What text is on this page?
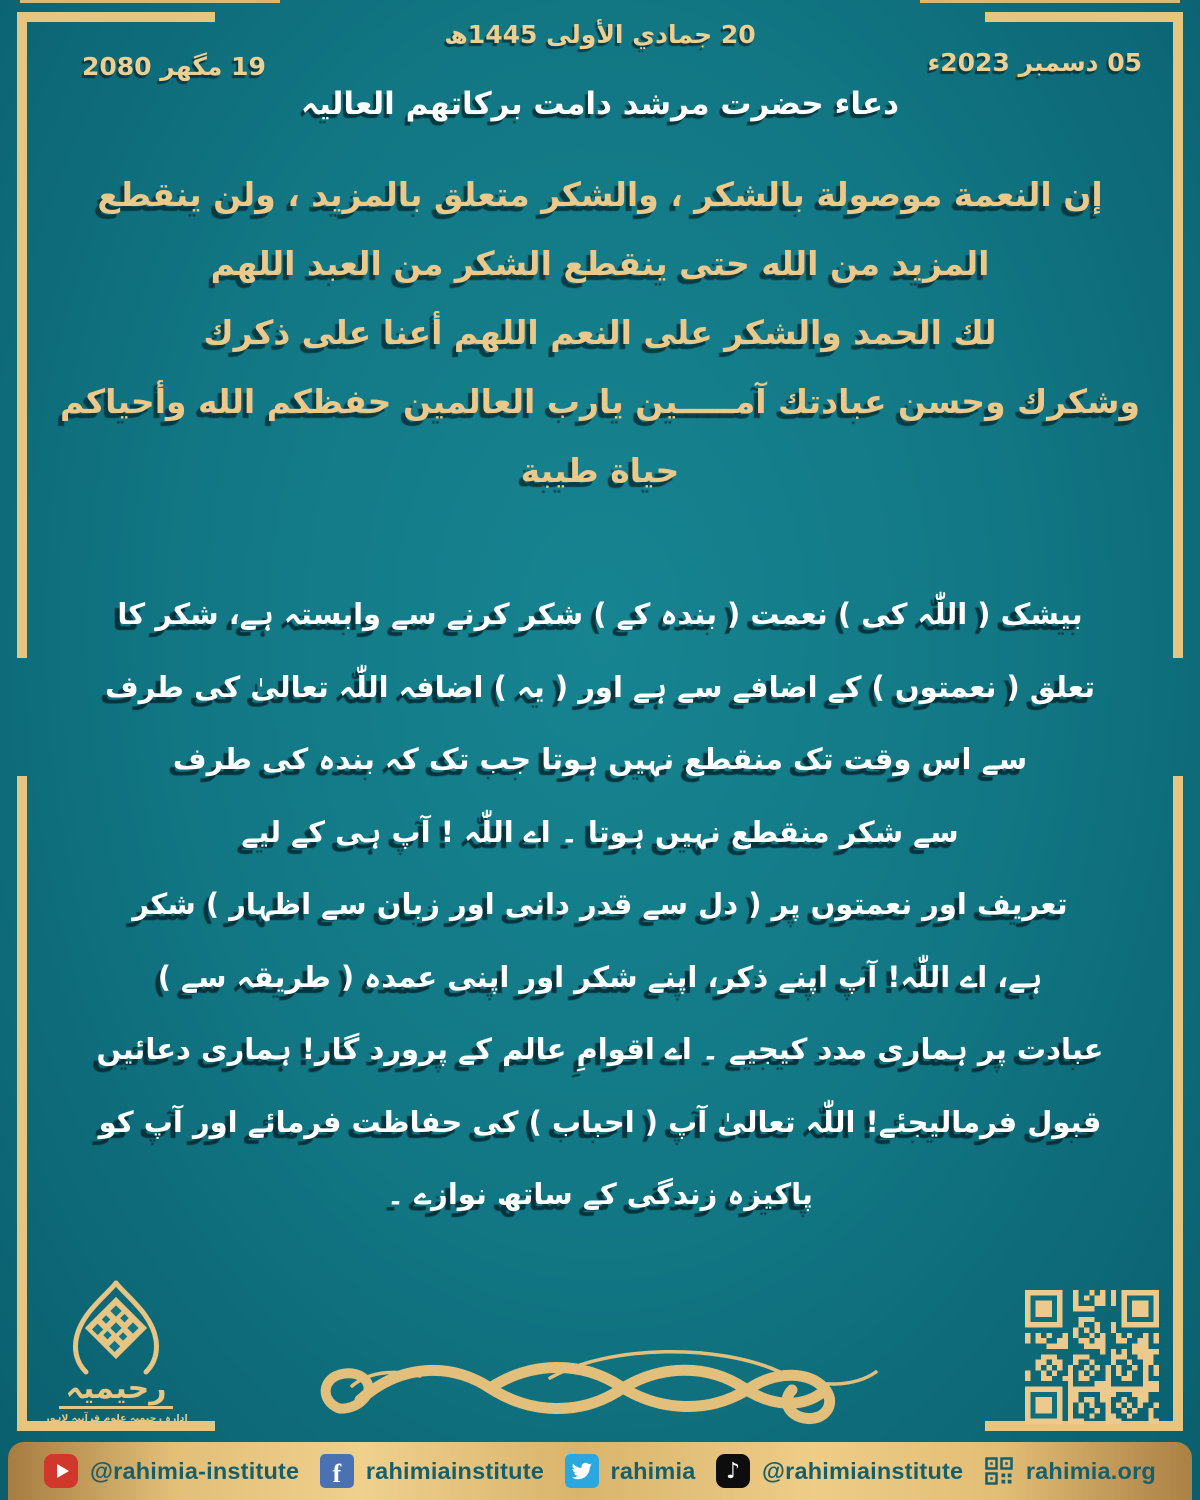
20 جمادي الأولى 1445ھ
05 دسمبر 2023ء
19 مگھر 2080
دعاء حضرت مرشد دامت برکاتھم العالیہ
إن النعمة موصولة بالشكر ، والشكر متعلق بالمزيد ، ولن ينقطع
المزيد من الله حتى ينقطع الشكر من العبد اللهم
لك الحمد والشكر على النعم اللهم أعنا على ذكرك
وشكرك وحسن عبادتك آمـــــين يارب العالمين حفظكم الله وأحياكم
حياة طيبة
بیشک ( اللّٰہ کی ) نعمت ( بندہ کے ) شکر کرنے سے وابستہ ہے، شکر کا
تعلق ( نعمتوں ) کے اضافے سے ہے اور ( یہ ) اضافہ اللّٰہ تعالیٰ کی طرف
سے اس وقت تک منقطع نہیں ہوتا جب تک کہ بندہ کی طرف
سے شکر منقطع نہیں ہوتا ۔ اے اللّٰہ ! آپ ہی کے لیے
تعریف اور نعمتوں پر ( دل سے قدر دانی اور زبان سے اظہار ) شکر
ہے، اے اللّٰہ! آپ اپنے ذکر، اپنے شکر اور اپنی عمدہ ( طریقہ سے )
عبادت پر ہماری مدد کیجیے ۔ اے اقوامِ عالم کے پرورد گار! ہماری دعائیں
قبول فرمالیجئے! اللّٰہ تعالیٰ آپ ( احباب ) کی حفاظت فرمائے اور آپ کو
پاکیزہ زندگی کے ساتھ نوازے ۔
رحیمیہ
ادارہ رحیمیہ علوم قرآنیہ لاہور
@rahimia-institute	f	rahimiainstitute	rahimia	♪ @rahimiainstitute	rahimia.org
